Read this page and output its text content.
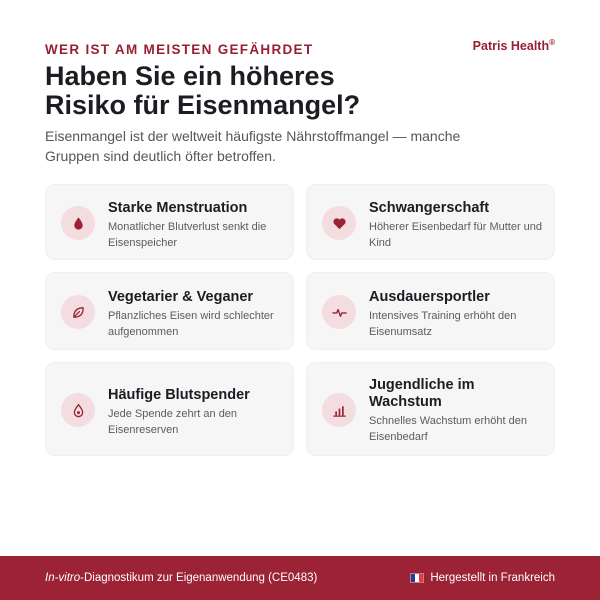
WER IST AM MEISTEN GEFÄHRDET	Patris Health®
Haben Sie ein höheres
Risiko für Eisenmangel?

Eisenmangel ist der weltweit häufigste Nährstoffmangel — manche Gruppen sind deutlich öfter betroffen.

Starke Menstruation
Monatlicher Blutverlust senkt die Eisenspeicher
Schwangerschaft
Höherer Eisenbedarf für Mutter und Kind
Vegetarier & Veganer
Pflanzliches Eisen wird schlechter aufgenommen
Ausdauersportler
Intensives Training erhöht den Eisenumsatz
Häufige Blutspender
Jede Spende zehrt an den Eisenreserven
Jugendliche im Wachstum
Schnelles Wachstum erhöht den Eisenbedarf
In-vitro-Diagnostikum zur Eigenanwendung (CE0483)	Hergestellt in Frankreich
